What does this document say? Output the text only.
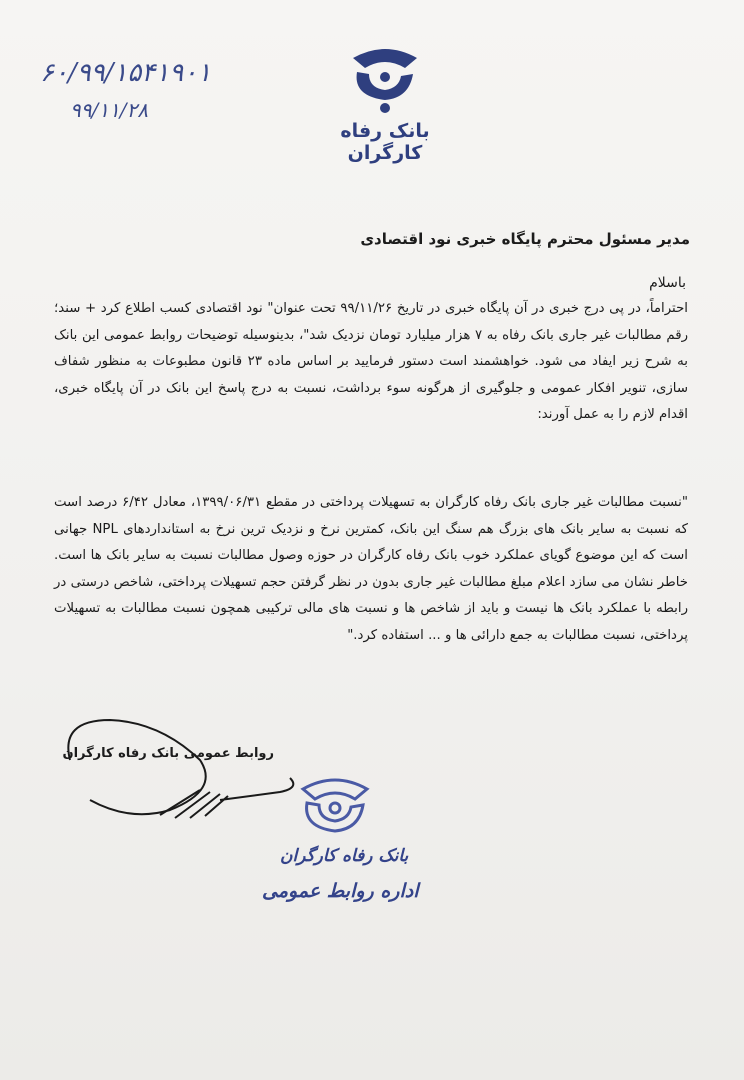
۶۰/۹۹/۱۵۴۱۹۰۱
۹۹/۱۱/۲۸
بانک رفاه کارگران
مدیر مسئول محترم پایگاه خبری نود اقتصادی
باسلام
احتراماً، در پی درج خبری در آن پایگاه خبری در تاریخ ۹۹/۱۱/۲۶ تحت عنوان" نود اقتصادی کسب اطلاع کرد + سند؛ رقم مطالبات غیر جاری بانک رفاه به ۷ هزار میلیارد تومان نزدیک شد"، بدینوسیله توضیحات روابط عمومی این بانک به شرح زیر ایفاد می شود. خواهشمند است دستور فرمایید بر اساس ماده ۲۳ قانون مطبوعات به منظور شفاف سازی، تنویر افکار عمومی و جلوگیری از هرگونه سوء برداشت، نسبت به درج پاسخ این بانک در آن پایگاه خبری، اقدام لازم را به عمل آورند:
"نسبت مطالبات غیر جاری بانک رفاه کارگران به تسهیلات پرداختی در مقطع ۱۳۹۹/۰۶/۳۱، معادل ۶/۴۲ درصد است که نسبت به سایر بانک های بزرگ هم سنگ این بانک، کمترین نرخ و نزدیک ترین نرخ به استانداردهای NPL جهانی است که این موضوع گویای عملکرد خوب بانک رفاه کارگران در حوزه وصول مطالبات نسبت به سایر بانک ها است. خاطر نشان می سازد اعلام مبلغ مطالبات غیر جاری بدون در نظر گرفتن حجم تسهیلات پرداختی، شاخص درستی در رابطه با عملکرد بانک ها نیست و باید از شاخص ها و نسبت های مالی ترکیبی همچون نسبت مطالبات به تسهیلات پرداختی، نسبت مطالبات به جمع دارائی ها و ... استفاده کرد."
روابط عمومی بانک رفاه کارگران
بانک رفاه کارگران
اداره روابط عمومی
